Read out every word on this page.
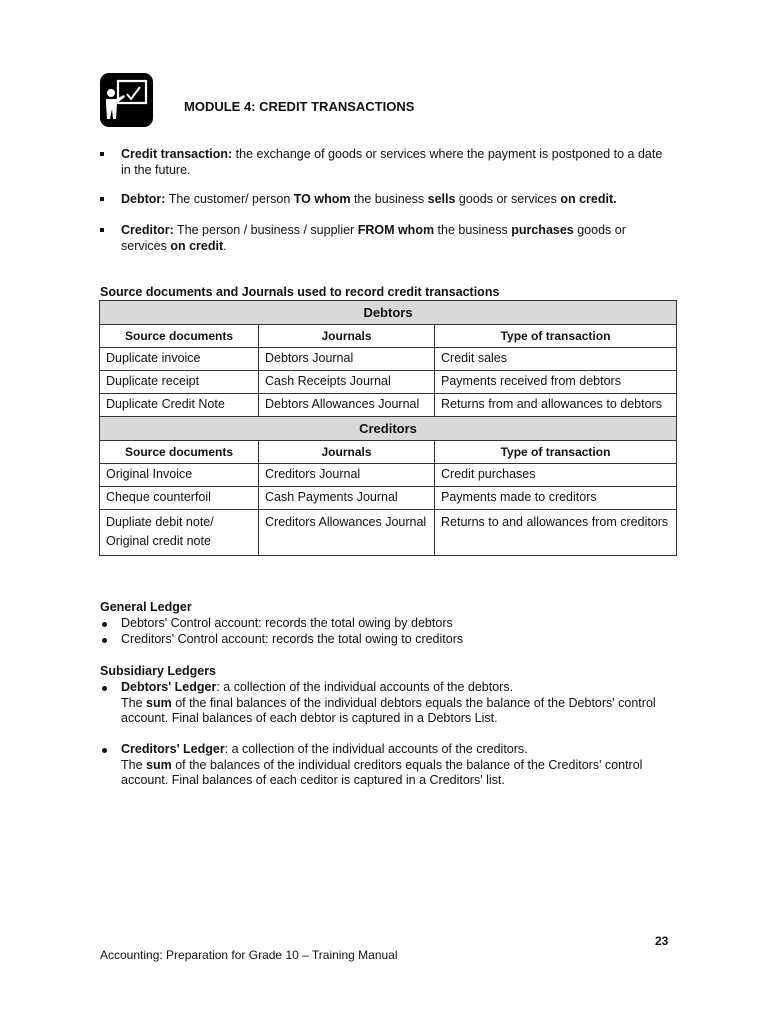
MODULE 4: CREDIT TRANSACTIONS
Credit transaction: the exchange of goods or services where the payment is postponed to a date in the future.
Debtor: The customer/ person TO whom the business sells goods or services on credit.
Creditor: The person / business / supplier FROM whom the business purchases goods or services on credit.
Source documents and Journals used to record credit transactions
Debtors		
Source documents	Journals	Type of transaction
Duplicate invoice	Debtors Journal	Credit sales
Duplicate receipt	Cash Receipts Journal	Payments received from debtors
Duplicate Credit Note	Debtors Allowances Journal	Returns from and allowances to debtors
Creditors		
Source documents	Journals	Type of transaction
Original Invoice	Creditors Journal	Credit purchases
Cheque counterfoil	Cash Payments Journal	Payments made to creditors

Dupliate debit note/
Original credit note	Creditors Allowances Journal	Returns to and allowances from creditors
General Ledger
Debtors' Control account: records the total owing by debtors
Creditors' Control account: records the total owing to creditors
Subsidiary Ledgers
Debtors' Ledger: a collection of the individual accounts of the debtors.
The sum of the final balances of the individual debtors equals the balance of the Debtors' control account. Final balances of each debtor is captured in a Debtors List.
Creditors' Ledger: a collection of the individual accounts of the creditors.
The sum of the balances of the individual creditors equals the balance of the Creditors' control account. Final balances of each ceditor is captured in a Creditors' list.
23
Accounting: Preparation for Grade 10 – Training Manual
